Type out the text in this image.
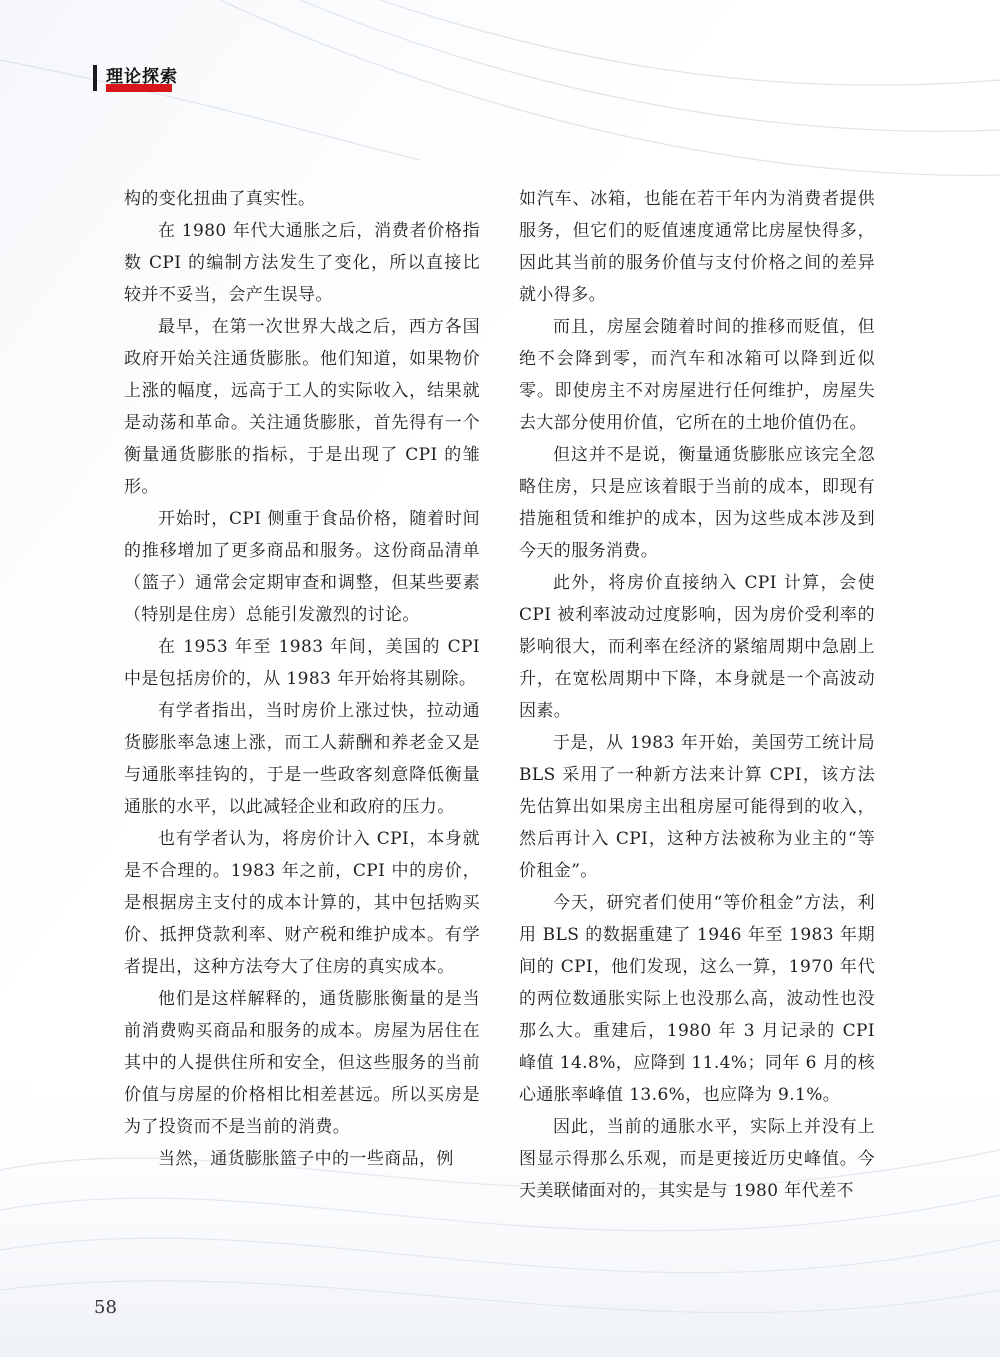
理论探索

构的变化扭曲了真实性。

在 1980 年代大通胀之后，消费者价格指数 CPI 的编制方法发生了变化，所以直接比较并不妥当，会产生误导。

最早，在第一次世界大战之后，西方各国政府开始关注通货膨胀。他们知道，如果物价上涨的幅度，远高于工人的实际收入，结果就是动荡和革命。关注通货膨胀，首先得有一个衡量通货膨胀的指标，于是出现了 CPI 的雏形。

开始时，CPI 侧重于食品价格，随着时间的推移增加了更多商品和服务。这份商品清单（篮子）通常会定期审查和调整，但某些要素（特别是住房）总能引发激烈的讨论。

在 1953 年至 1983 年间，美国的 CPI 中是包括房价的，从 1983 年开始将其剔除。

有学者指出，当时房价上涨过快，拉动通货膨胀率急速上涨，而工人薪酬和养老金又是与通胀率挂钩的，于是一些政客刻意降低衡量通胀的水平，以此减轻企业和政府的压力。

也有学者认为，将房价计入 CPI，本身就是不合理的。1983 年之前，CPI 中的房价，是根据房主支付的成本计算的，其中包括购买价、抵押贷款利率、财产税和维护成本。有学者提出，这种方法夸大了住房的真实成本。

他们是这样解释的，通货膨胀衡量的是当前消费购买商品和服务的成本。房屋为居住在其中的人提供住所和安全，但这些服务的当前价值与房屋的价格相比相差甚远。所以买房是为了投资而不是当前的消费。

当然，通货膨胀篮子中的一些商品，例

如汽车、冰箱，也能在若干年内为消费者提供服务，但它们的贬值速度通常比房屋快得多，因此其当前的服务价值与支付价格之间的差异就小得多。

而且，房屋会随着时间的推移而贬值，但绝不会降到零，而汽车和冰箱可以降到近似零。即使房主不对房屋进行任何维护，房屋失去大部分使用价值，它所在的土地价值仍在。

但这并不是说，衡量通货膨胀应该完全忽略住房，只是应该着眼于当前的成本，即现有措施租赁和维护的成本，因为这些成本涉及到今天的服务消费。

此外，将房价直接纳入 CPI 计算，会使 CPI 被利率波动过度影响，因为房价受利率的影响很大，而利率在经济的紧缩周期中急剧上升，在宽松周期中下降，本身就是一个高波动因素。

于是，从 1983 年开始，美国劳工统计局 BLS 采用了一种新方法来计算 CPI，该方法先估算出如果房主出租房屋可能得到的收入，然后再计入 CPI，这种方法被称为业主的“等价租金”。

今天，研究者们使用“等价租金”方法，利用 BLS 的数据重建了 1946 年至 1983 年期间的 CPI，他们发现，这么一算，1970 年代的两位数通胀实际上也没那么高，波动性也没那么大。重建后，1980 年 3 月记录的 CPI 峰值 14.8%，应降到 11.4%；同年 6 月的核心通胀率峰值 13.6%，也应降为 9.1%。

因此，当前的通胀水平，实际上并没有上图显示得那么乐观，而是更接近历史峰值。今天美联储面对的，其实是与 1980 年代差不

58
